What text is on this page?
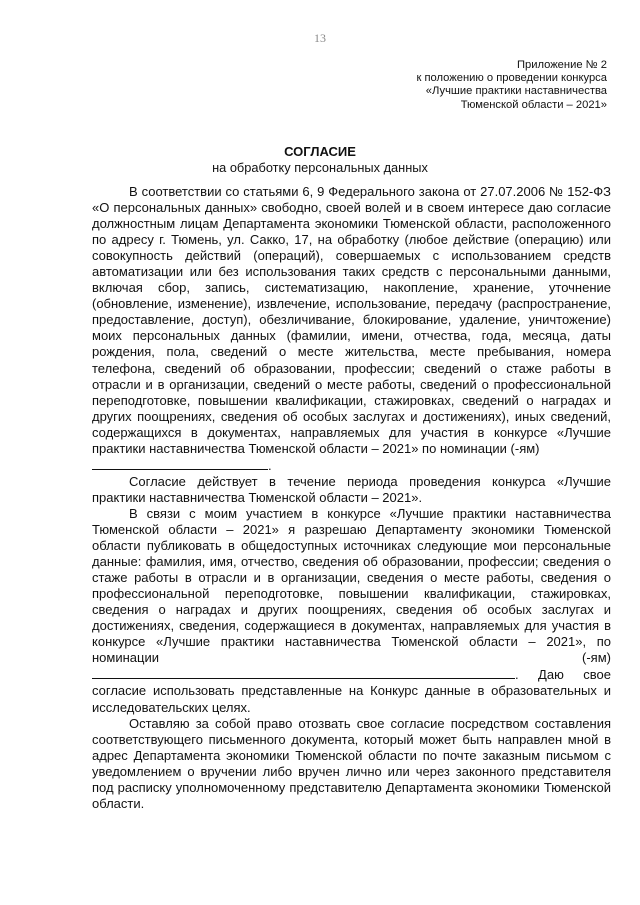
13
Приложение № 2
к положению о проведении конкурса
«Лучшие практики наставничества
Тюменской области – 2021»
СОГЛАСИЕ
на обработку персональных данных

В соответствии со статьями 6, 9 Федерального закона от 27.07.2006 № 152-ФЗ «О персональных данных» свободно, своей волей и в своем интересе даю согласие должностным лицам Департамента экономики Тюменской области, расположенного по адресу г. Тюмень, ул. Сакко, 17, на обработку (любое действие (операцию) или совокупность действий (операций), совершаемых с использованием средств автоматизации или без использования таких средств с персональными данными, включая сбор, запись, систематизацию, накопление, хранение, уточнение (обновление, изменение), извлечение, использование, передачу (распространение, предоставление, доступ), обезличивание, блокирование, удаление, уничтожение) моих персональных данных (фамилии, имени, отчества, года, месяца, даты рождения, пола, сведений о месте жительства, месте пребывания, номера телефона, сведений об образовании, профессии; сведений о стаже работы в отрасли и в организации, сведений о месте работы, сведений о профессиональной переподготовке, повышении квалификации, стажировках, сведений о наградах и других поощрениях, сведения об особых заслугах и достижениях), иных сведений, содержащихся в документах, направляемых для участия в конкурсе «Лучшие практики наставничества Тюменской области – 2021» по номинации (-ям)
.

Согласие действует в течение периода проведения конкурса «Лучшие практики наставничества Тюменской области – 2021».

В связи с моим участием в конкурсе «Лучшие практики наставничества Тюменской области – 2021» я разрешаю Департаменту экономики Тюменской области публиковать в общедоступных источниках следующие мои персональные данные: фамилия, имя, отчество, сведения об образовании, профессии; сведения о стаже работы в отрасли и в организации, сведения о месте работы, сведения о профессиональной переподготовке, повышении квалификации, стажировках, сведения о наградах и других поощрениях, сведения об особых заслугах и достижениях, сведения, содержащиеся в документах, направляемых для участия в конкурсе «Лучшие практики наставничества Тюменской области – 2021», по номинации (-ям) . Даю свое согласие использовать представленные на Конкурс данные в образовательных и исследовательских целях.

Оставляю за собой право отозвать свое согласие посредством составления соответствующего письменного документа, который может быть направлен мной в адрес Департамента экономики Тюменской области по почте заказным письмом с уведомлением о вручении либо вручен лично или через законного представителя под расписку уполномоченному представителю Департамента экономики Тюменской области.
